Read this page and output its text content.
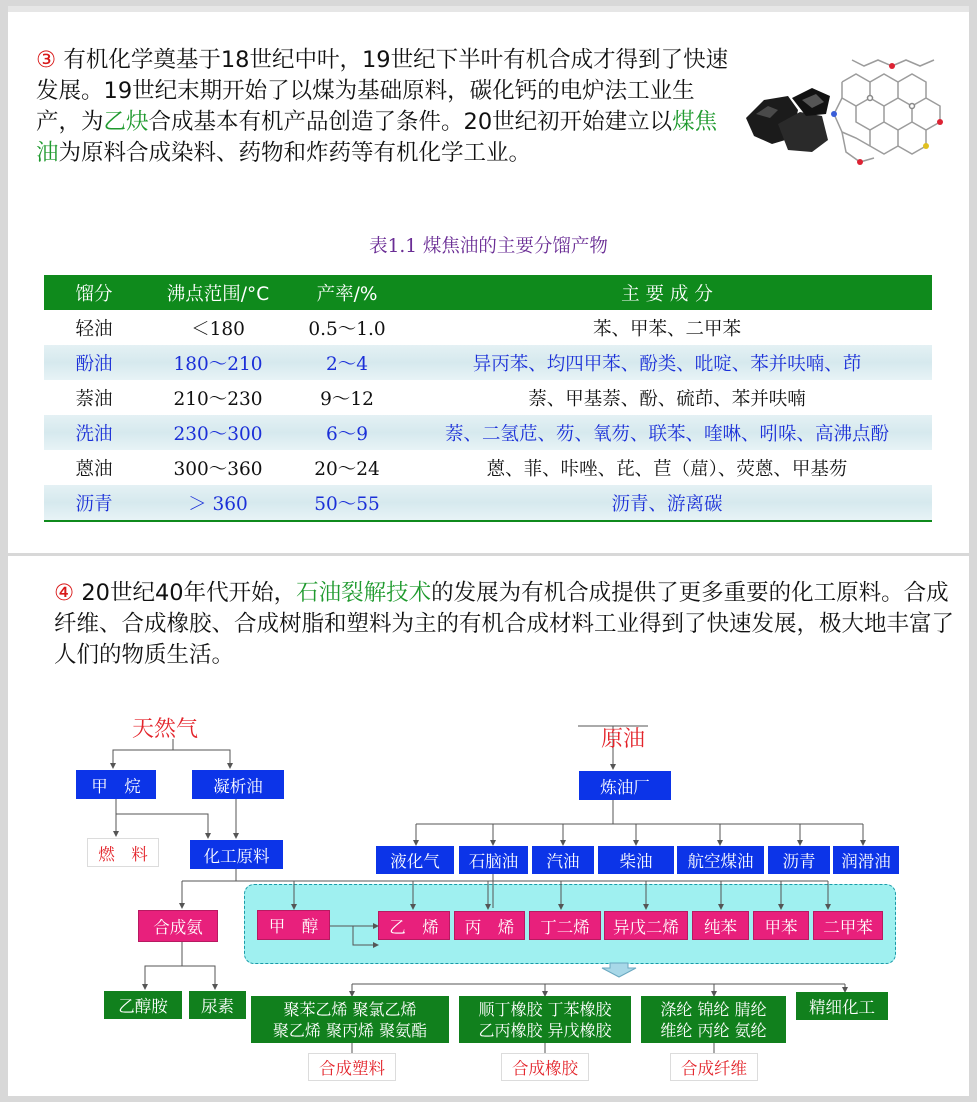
③ 有机化学奠基于18世纪中叶，19世纪下半叶有机合成才得到了快速发展。19世纪末期开始了以煤为基础原料，碳化钙的电炉法工业生产，为乙炔合成基本有机产品创造了条件。20世纪初开始建立以煤焦油为原料合成染料、药物和炸药等有机化学工业。
表1.1 煤焦油的主要分馏产物
馏分	沸点范围/°C	产率/%	主 要 成 分
轻油	＜180	0.5～1.0	苯、甲苯、二甲苯
酚油	180～210	2～4	异丙苯、均四甲苯、酚类、吡啶、苯并呋喃、茚
萘油	210～230	9～12	萘、甲基萘、酚、硫茚、苯并呋喃
洗油	230～300	6～9	萘、二氢苊、芴、氧芴、联苯、喹啉、吲哚、高沸点酚
蒽油	300～360	20～24	蒽、菲、咔唑、芘、苣（䓛）、荧蒽、甲基芴
沥青	＞ 360	50～55	沥青、游离碳
④ 20世纪40年代开始，石油裂解技术的发展为有机合成提供了更多重要的化工原料。合成纤维、合成橡胶、合成树脂和塑料为主的有机合成材料工业得到了快速发展，极大地丰富了人们的物质生活。
天然气
甲　烷	凝析油
燃　料	化工原料
原油
炼油厂
液化气	石脑油	汽油	柴油	航空煤油	沥青	润滑油
合成氨	甲　醇	乙　烯	丙　烯	丁二烯	异戊二烯	纯苯	甲苯	二甲苯
乙醇胺	尿素	聚苯乙烯 聚氯乙烯
聚乙烯 聚丙烯 聚氨酯
顺丁橡胶 丁苯橡胶
乙丙橡胶 异戊橡胶
涤纶 锦纶 腈纶
维纶 丙纶 氨纶
精细化工
合成塑料	合成橡胶	合成纤维
